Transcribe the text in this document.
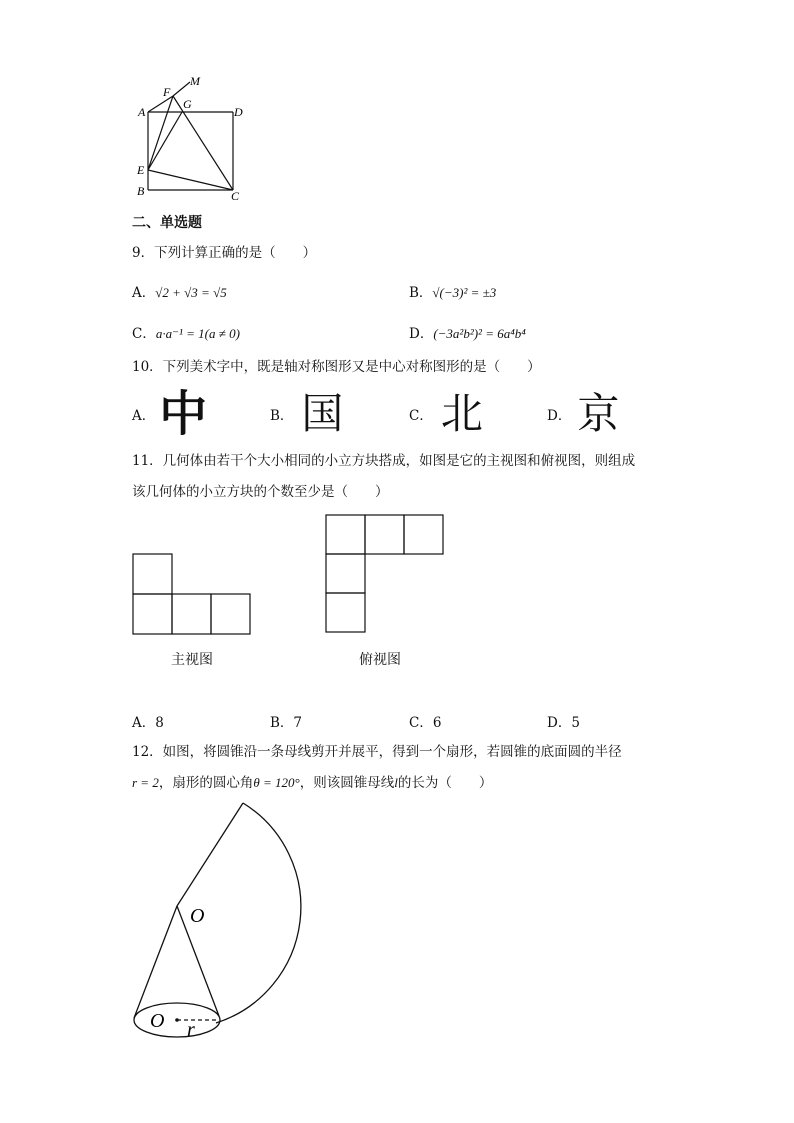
M
F
G
D
A
E
B	C
二、单选题
9．下列计算正确的是（　　）
A．√2 + √3 = √5	B．√(−3)² = ±3
C．a·a⁻¹ = 1(a ≠ 0)	D．(−3a²b²)² = 6a⁴b⁴
10．下列美术字中，既是轴对称图形又是中心对称图形的是（　　）
A． 中	B． 国	C． 北	D． 京
11．几何体由若干个大小相同的小立方块搭成，如图是它的主视图和俯视图，则组成
该几何体的小立方块的个数至少是（　　）
主视图	俯视图
A．8	B．7	C．6	D．5
12．如图，将圆锥沿一条母线剪开并展平，得到一个扇形，若圆锥的底面圆的半径
r = 2，扇形的圆心角θ = 120°，则该圆锥母线l的长为（　　）
O
O r
